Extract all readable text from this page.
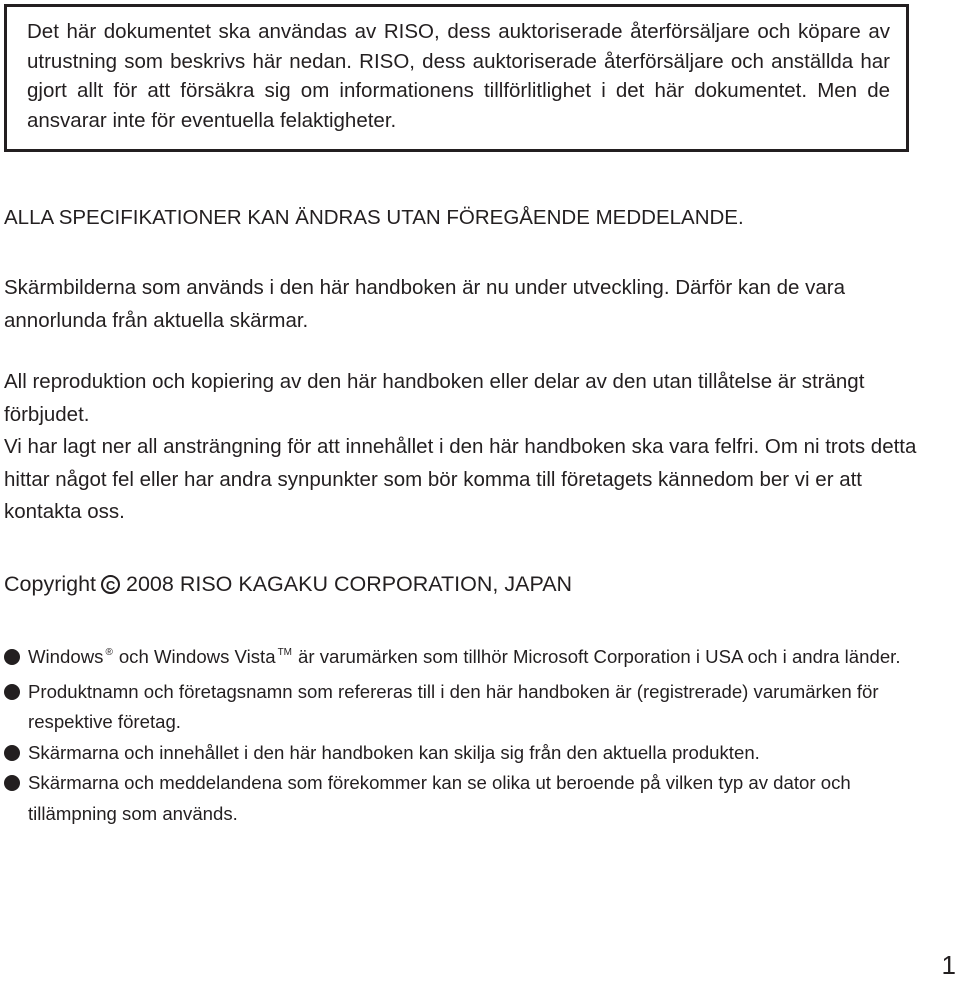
Det här dokumentet ska användas av RISO, dess auktoriserade återförsäljare och köpare av utrustning som beskrivs här nedan. RISO, dess auktoriserade återförsäljare och anställda har gjort allt för att försäkra sig om informationens tillförlitlighet i det här dokumentet. Men de ansvarar inte för eventuella felaktigheter.
ALLA SPECIFIKATIONER KAN ÄNDRAS UTAN FÖREGÅENDE MEDDELANDE.
Skärmbilderna som används i den här handboken är nu under utveckling. Därför kan de vara annorlunda från aktuella skärmar.
All reproduktion och kopiering av den här handboken eller delar av den utan tillåtelse är strängt förbjudet.
Vi har lagt ner all ansträngning för att innehållet i den här handboken ska vara felfri. Om ni trots detta hittar något fel eller har andra synpunkter som bör komma till företagets kännedom ber vi er att kontakta oss.
Copyright C 2008 RISO KAGAKU CORPORATION, JAPAN
Windows ® och Windows Vista ™ är varumärken som tillhör Microsoft Corporation i USA och i andra länder.
Produktnamn och företagsnamn som refereras till i den här handboken är (registrerade) varumärken för respektive företag.
Skärmarna och innehållet i den här handboken kan skilja sig från den aktuella produkten.
Skärmarna och meddelandena som förekommer kan se olika ut beroende på vilken typ av dator och tillämpning som används.
1
